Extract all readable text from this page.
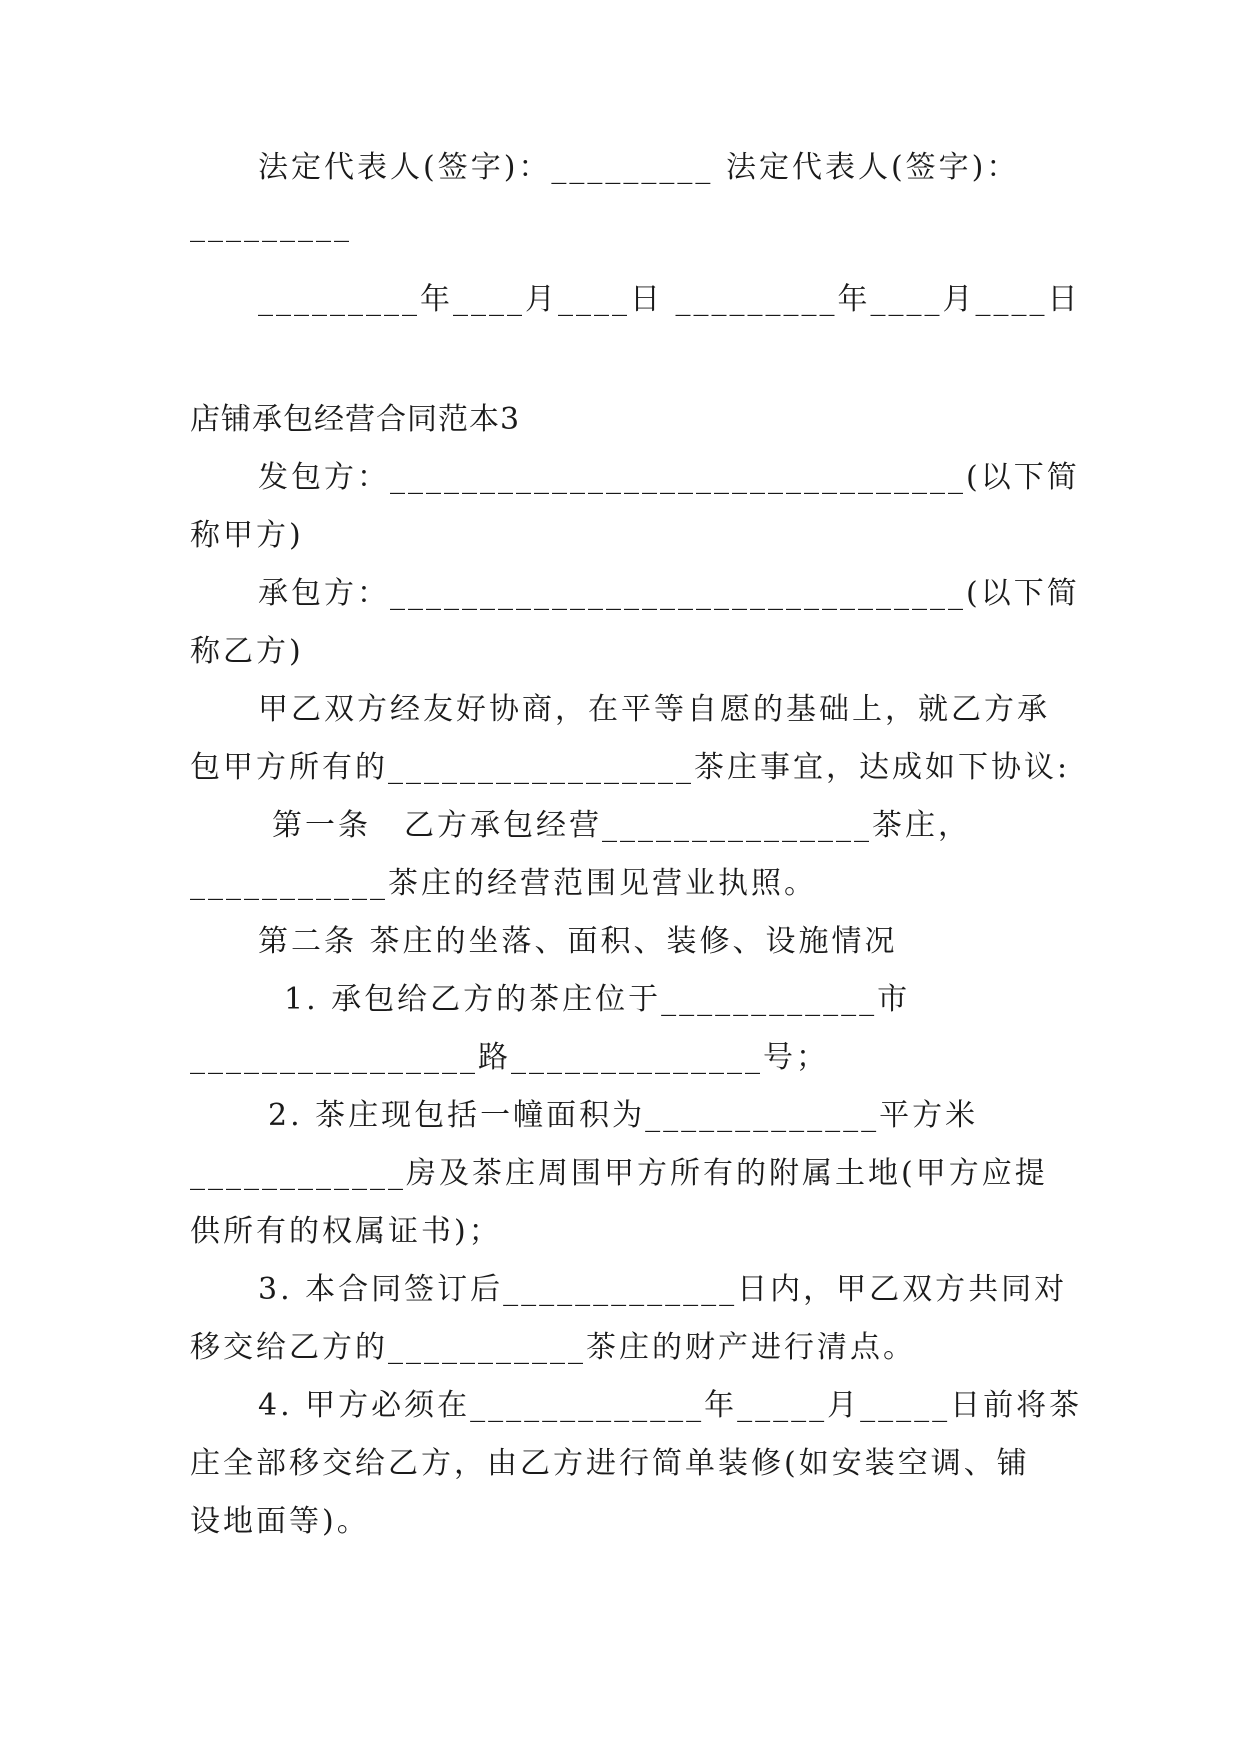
法定代表人(签字)：_________ 法定代表人(签字)：
_________
_________年____月____日 _________年____月____日
店铺承包经营合同范本3
发包方：________________________________(以下简
称甲方)
承包方：________________________________(以下简
称乙方)
甲乙双方经友好协商，在平等自愿的基础上，就乙方承
包甲方所有的_________________茶庄事宜，达成如下协议:
第一条　乙方承包经营_______________茶庄，
___________茶庄的经营范围见营业执照。
第二条 茶庄的坐落、面积、装修、设施情况
1. 承包给乙方的茶庄位于____________市
________________路______________号；
2. 茶庄现包括一幢面积为_____________平方米
____________房及茶庄周围甲方所有的附属土地(甲方应提
供所有的权属证书)；
3. 本合同签订后_____________日内，甲乙双方共同对
移交给乙方的___________茶庄的财产进行清点。
4. 甲方必须在_____________年_____月_____日前将茶
庄全部移交给乙方，由乙方进行简单装修(如安装空调、铺
设地面等)。
